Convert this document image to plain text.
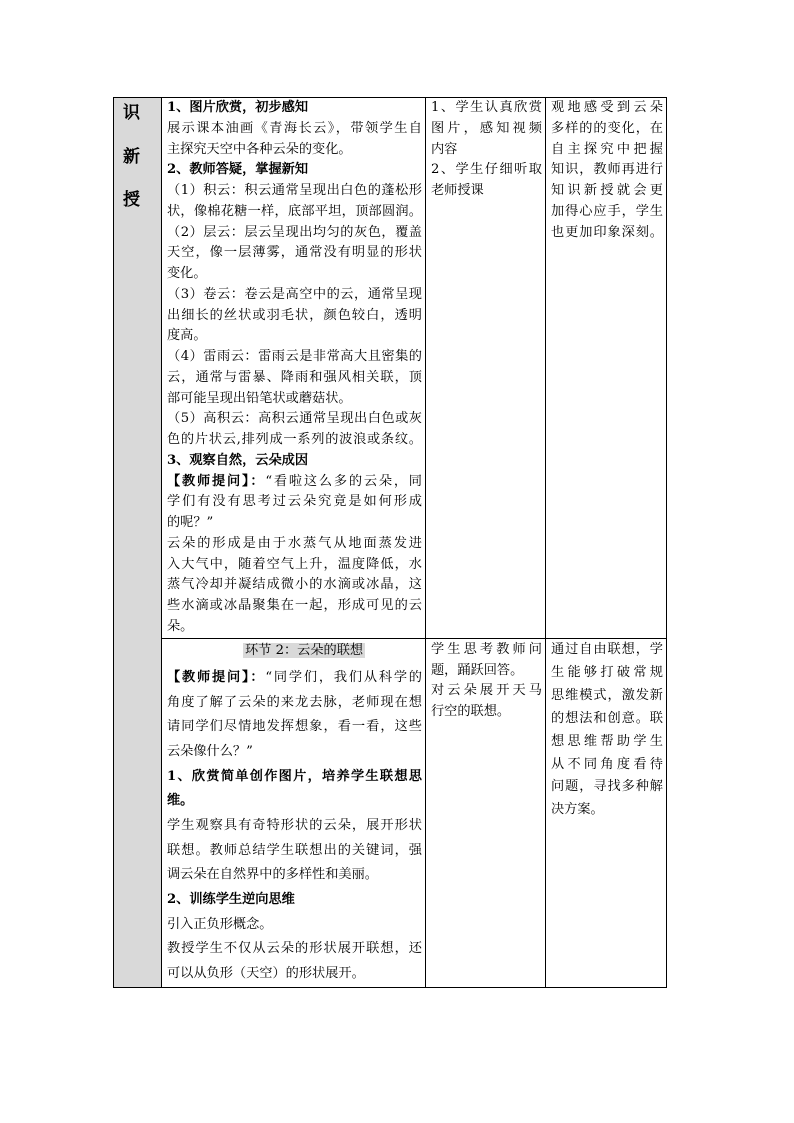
识
新
授
1、图片欣赏，初步感知
展示课本油画《青海长云》，带领学生自
主探究天空中各种云朵的变化。
2、教师答疑，掌握新知
（1）积云：积云通常呈现出白色的蓬松形
状，像棉花糖一样，底部平坦，顶部圆润。
（2）层云：层云呈现出均匀的灰色，覆盖
天空，像一层薄雾，通常没有明显的形状
变化。
（3）卷云：卷云是高空中的云，通常呈现
出细长的丝状或羽毛状，颜色较白，透明
度高。
（4）雷雨云：雷雨云是非常高大且密集的
云，通常与雷暴、降雨和强风相关联，顶
部可能呈现出铅笔状或蘑菇状。
（5）高积云：高积云通常呈现出白色或灰
色的片状云,排列成一系列的波浪或条纹。
3、观察自然，云朵成因
【教师提问】：“看啦这么多的云朵，同
学们有没有思考过云朵究竟是如何形成
的呢？”
云朵的形成是由于水蒸气从地面蒸发进
入大气中，随着空气上升，温度降低，水
蒸气冷却并凝结成微小的水滴或冰晶，这
些水滴或冰晶聚集在一起，形成可见的云
朵。
1、学生认真欣赏
图片，感知视频
内容
2、学生仔细听取
老师授课
观地感受到云朵
多样的的变化，在
自主探究中把握
知识，教师再进行
知识新授就会更
加得心应手，学生
也更加印象深刻。
环节 2：云朵的联想
【教师提问】：“同学们，我们从科学的
角度了解了云朵的来龙去脉，老师现在想
请同学们尽情地发挥想象，看一看，这些
云朵像什么？”
1、欣赏简单创作图片，培养学生联想思
维。
学生观察具有奇特形状的云朵，展开形状
联想。教师总结学生联想出的关键词，强
调云朵在自然界中的多样性和美丽。
2、训练学生逆向思维
引入正负形概念。
教授学生不仅从云朵的形状展开联想，还
可以从负形（天空）的形状展开。
学生思考教师问
题，踊跃回答。
对云朵展开天马
行空的联想。
通过自由联想，学
生能够打破常规
思维模式，激发新
的想法和创意。联
想思维帮助学生
从不同角度看待
问题，寻找多种解
决方案。
